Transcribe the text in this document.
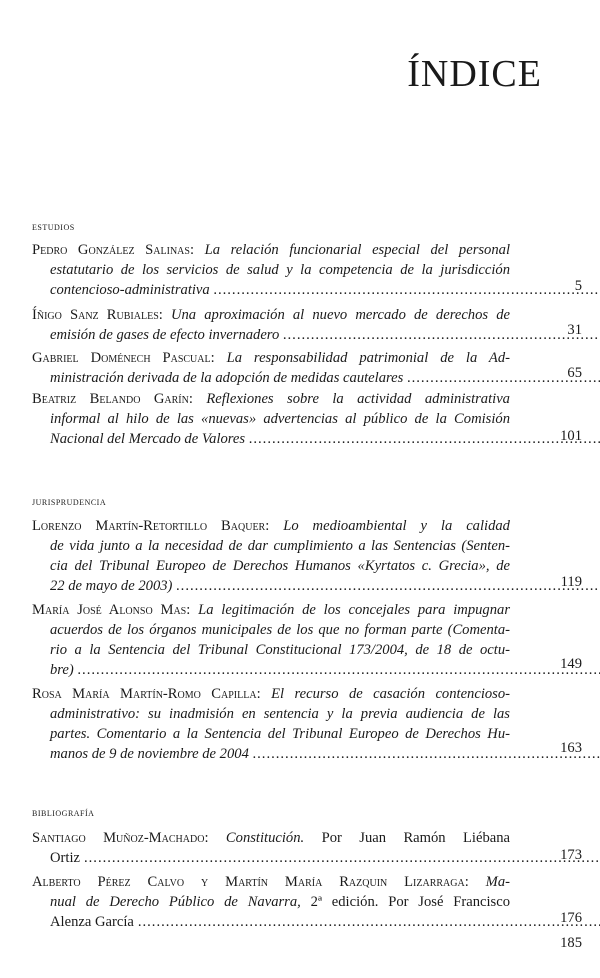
ÍNDICE
estudios
Pedro González Salinas: La relación funcionarial especial del personal
estatutario de los servicios de salud y la competencia de la jurisdicción
contencioso-administrativa .....	5
Íñigo Sanz Rubiales: Una aproximación al nuevo mercado de derechos de
emisión de gases de efecto invernadero .....	31
Gabriel Doménech Pascual: La responsabilidad patrimonial de la Ad-
ministración derivada de la adopción de medidas cautelares .....	65
Beatriz Belando Garín: Reflexiones sobre la actividad administrativa
informal al hilo de las «nuevas» advertencias al público de la Comisión
Nacional del Mercado de Valores .....	101
jurisprudencia
Lorenzo Martín-Retortillo Baquer: Lo medioambiental y la calidad
de vida junto a la necesidad de dar cumplimiento a las Sentencias (Senten-
cia del Tribunal Europeo de Derechos Humanos «Kyrtatos c. Grecia», de
22 de mayo de 2003) .....	119
María José Alonso Mas: La legitimación de los concejales para impugnar
acuerdos de los órganos municipales de los que no forman parte (Comenta-
rio a la Sentencia del Tribunal Constitucional 173/2004, de 18 de octu-
bre) .....	149
Rosa María Martín-Romo Capilla: El recurso de casación contencioso-
administrativo: su inadmisión en sentencia y la previa audiencia de las
partes. Comentario a la Sentencia del Tribunal Europeo de Derechos Hu-
manos de 9 de noviembre de 2004 .....	163
bibliografía
Santiago Muñoz-Machado: Constitución. Por Juan Ramón Liébana
Ortiz .....	173
Alberto Pérez Calvo y Martín María Razquin Lizarraga: Ma-
nual de Derecho Público de Navarra, 2ª edición. Por José Francisco
Alenza García .....	176
185
